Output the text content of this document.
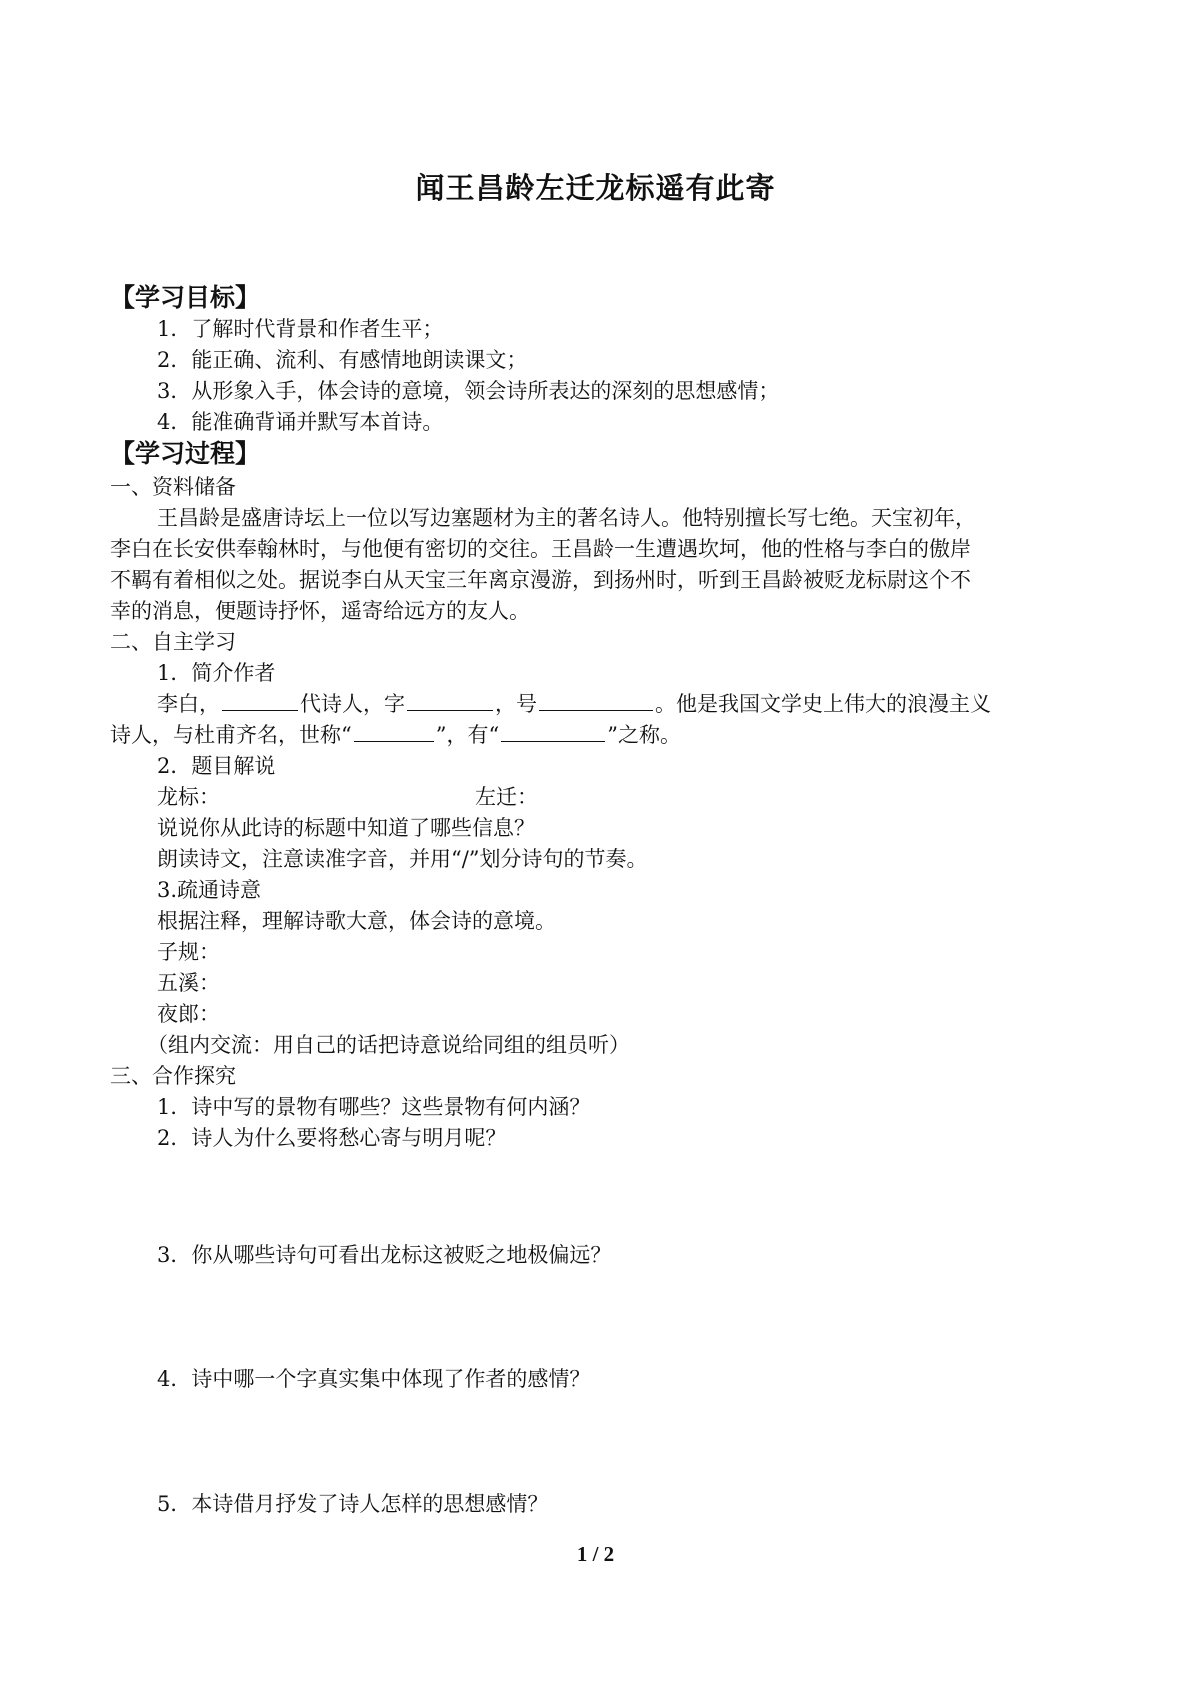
闻王昌龄左迁龙标遥有此寄
【学习目标】
1．了解时代背景和作者生平；
2．能正确、流利、有感情地朗读课文；
3．从形象入手，体会诗的意境，领会诗所表达的深刻的思想感情；
4．能准确背诵并默写本首诗。
【学习过程】
一、资料储备
王昌龄是盛唐诗坛上一位以写边塞题材为主的著名诗人。他特别擅长写七绝。天宝初年，
李白在长安供奉翰林时，与他便有密切的交往。王昌龄一生遭遇坎坷，他的性格与李白的傲岸
不羁有着相似之处。据说李白从天宝三年离京漫游，到扬州时，听到王昌龄被贬龙标尉这个不
幸的消息，便题诗抒怀，遥寄给远方的友人。
二、自主学习
1．简介作者
李白，	代诗人，字	，号	。他是我国文学史上伟大的浪漫主义
诗人，与杜甫齐名，世称“	”，有“	”之称。
2．题目解说
龙标：	左迁：
说说你从此诗的标题中知道了哪些信息？
朗读诗文，注意读准字音，并用“/”划分诗句的节奏。
3.疏通诗意
根据注释，理解诗歌大意，体会诗的意境。
子规：
五溪：
夜郎：
（组内交流：用自己的话把诗意说给同组的组员听）
三、合作探究
1．诗中写的景物有哪些？这些景物有何内涵？
2．诗人为什么要将愁心寄与明月呢？
3．你从哪些诗句可看出龙标这被贬之地极偏远？
4．诗中哪一个字真实集中体现了作者的感情？
5．本诗借月抒发了诗人怎样的思想感情？
1 / 2
